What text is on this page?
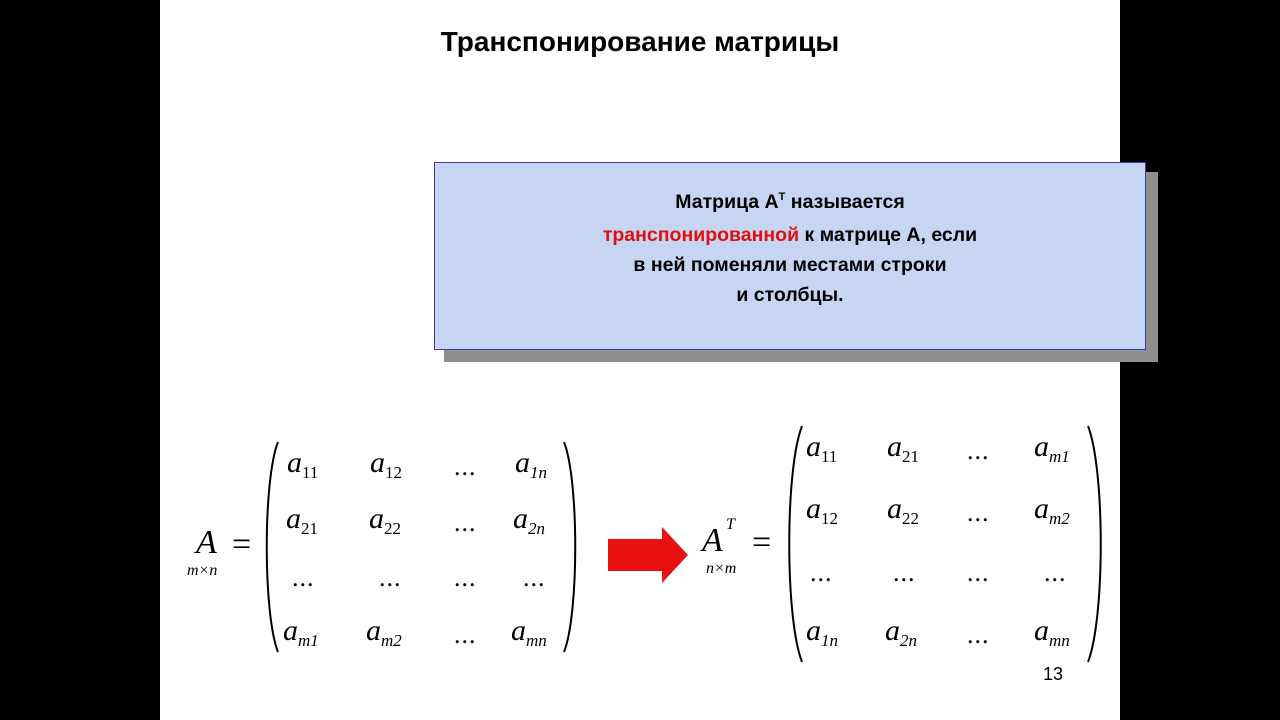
Транспонирование матрицы
Матрица $A^T$ называется
транспонированной к матрице А, если
в ней поменяли местами строки
и столбцы.
A
m×n
=
$a_{11}$ $a_{12}$ ... $a_{1n}$
$a_{21}$ $a_{22}$ ... $a_{2n}$
... ... ... ...
$a_{m1}$ $a_{m2}$ ... $a_{mn}$
A T
n×m
=
$a_{11}$ $a_{21}$ ... $a_{m1}$
$a_{12}$ $a_{22}$ ... $a_{m2}$
... ... ... ...
$a_{1n}$ $a_{2n}$ ... $a_{mn}$
13
